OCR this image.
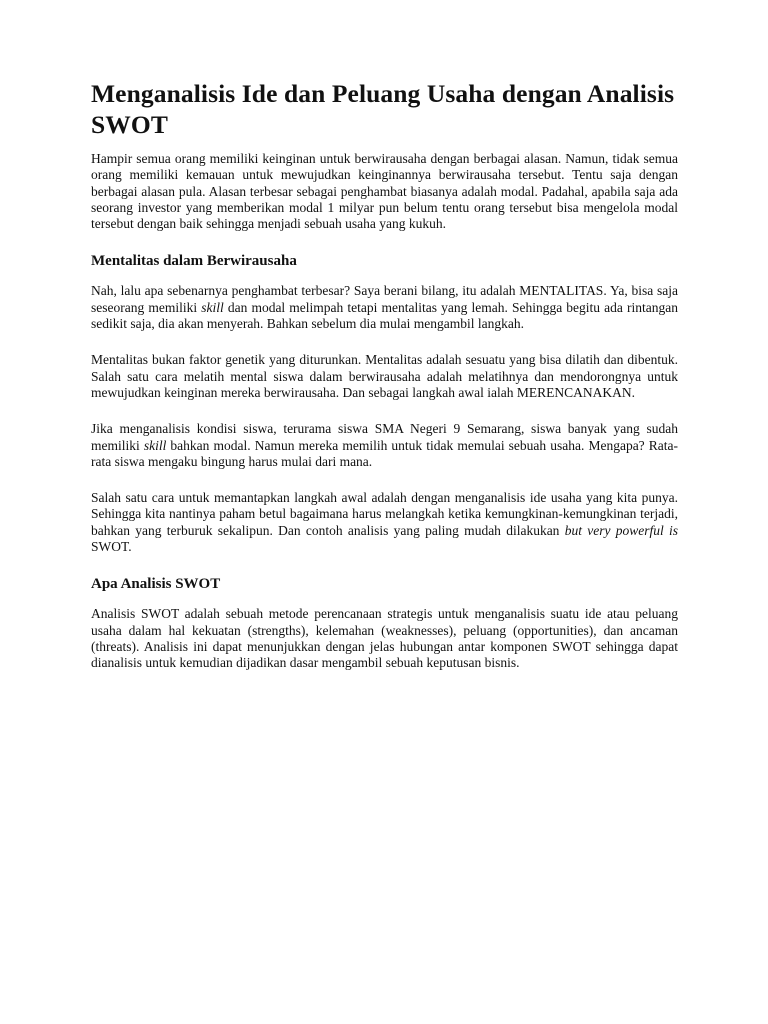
Menganalisis Ide dan Peluang Usaha dengan Analisis SWOT

Hampir semua orang memiliki keinginan untuk berwirausaha dengan berbagai alasan. Namun, tidak semua orang memiliki kemauan untuk mewujudkan keinginannya berwirausaha tersebut. Tentu saja dengan berbagai alasan pula. Alasan terbesar sebagai penghambat biasanya adalah modal. Padahal, apabila saja ada seorang investor yang memberikan modal 1 milyar pun belum tentu orang tersebut bisa mengelola modal tersebut dengan baik sehingga menjadi sebuah usaha yang kukuh.

Mentalitas dalam Berwirausaha

Nah, lalu apa sebenarnya penghambat terbesar? Saya berani bilang, itu adalah MENTALITAS. Ya, bisa saja seseorang memiliki skill dan modal melimpah tetapi mentalitas yang lemah. Sehingga begitu ada rintangan sedikit saja, dia akan menyerah. Bahkan sebelum dia mulai mengambil langkah.

Mentalitas bukan faktor genetik yang diturunkan. Mentalitas adalah sesuatu yang bisa dilatih dan dibentuk. Salah satu cara melatih mental siswa dalam berwirausaha adalah melatihnya dan mendorongnya untuk mewujudkan keinginan mereka berwirausaha. Dan sebagai langkah awal ialah MERENCANAKAN.

Jika menganalisis kondisi siswa, terurama siswa SMA Negeri 9 Semarang, siswa banyak yang sudah memiliki skill bahkan modal. Namun mereka memilih untuk tidak memulai sebuah usaha. Mengapa? Rata-rata siswa mengaku bingung harus mulai dari mana.

Salah satu cara untuk memantapkan langkah awal adalah dengan menganalisis ide usaha yang kita punya. Sehingga kita nantinya paham betul bagaimana harus melangkah ketika kemungkinan-kemungkinan terjadi, bahkan yang terburuk sekalipun. Dan contoh analisis yang paling mudah dilakukan but very powerful is SWOT.

Apa Analisis SWOT

Analisis SWOT adalah sebuah metode perencanaan strategis untuk menganalisis suatu ide atau peluang usaha dalam hal kekuatan (strengths), kelemahan (weaknesses), peluang (opportunities), dan ancaman (threats). Analisis ini dapat menunjukkan dengan jelas hubungan antar komponen SWOT sehingga dapat dianalisis untuk kemudian dijadikan dasar mengambil sebuah keputusan bisnis.
